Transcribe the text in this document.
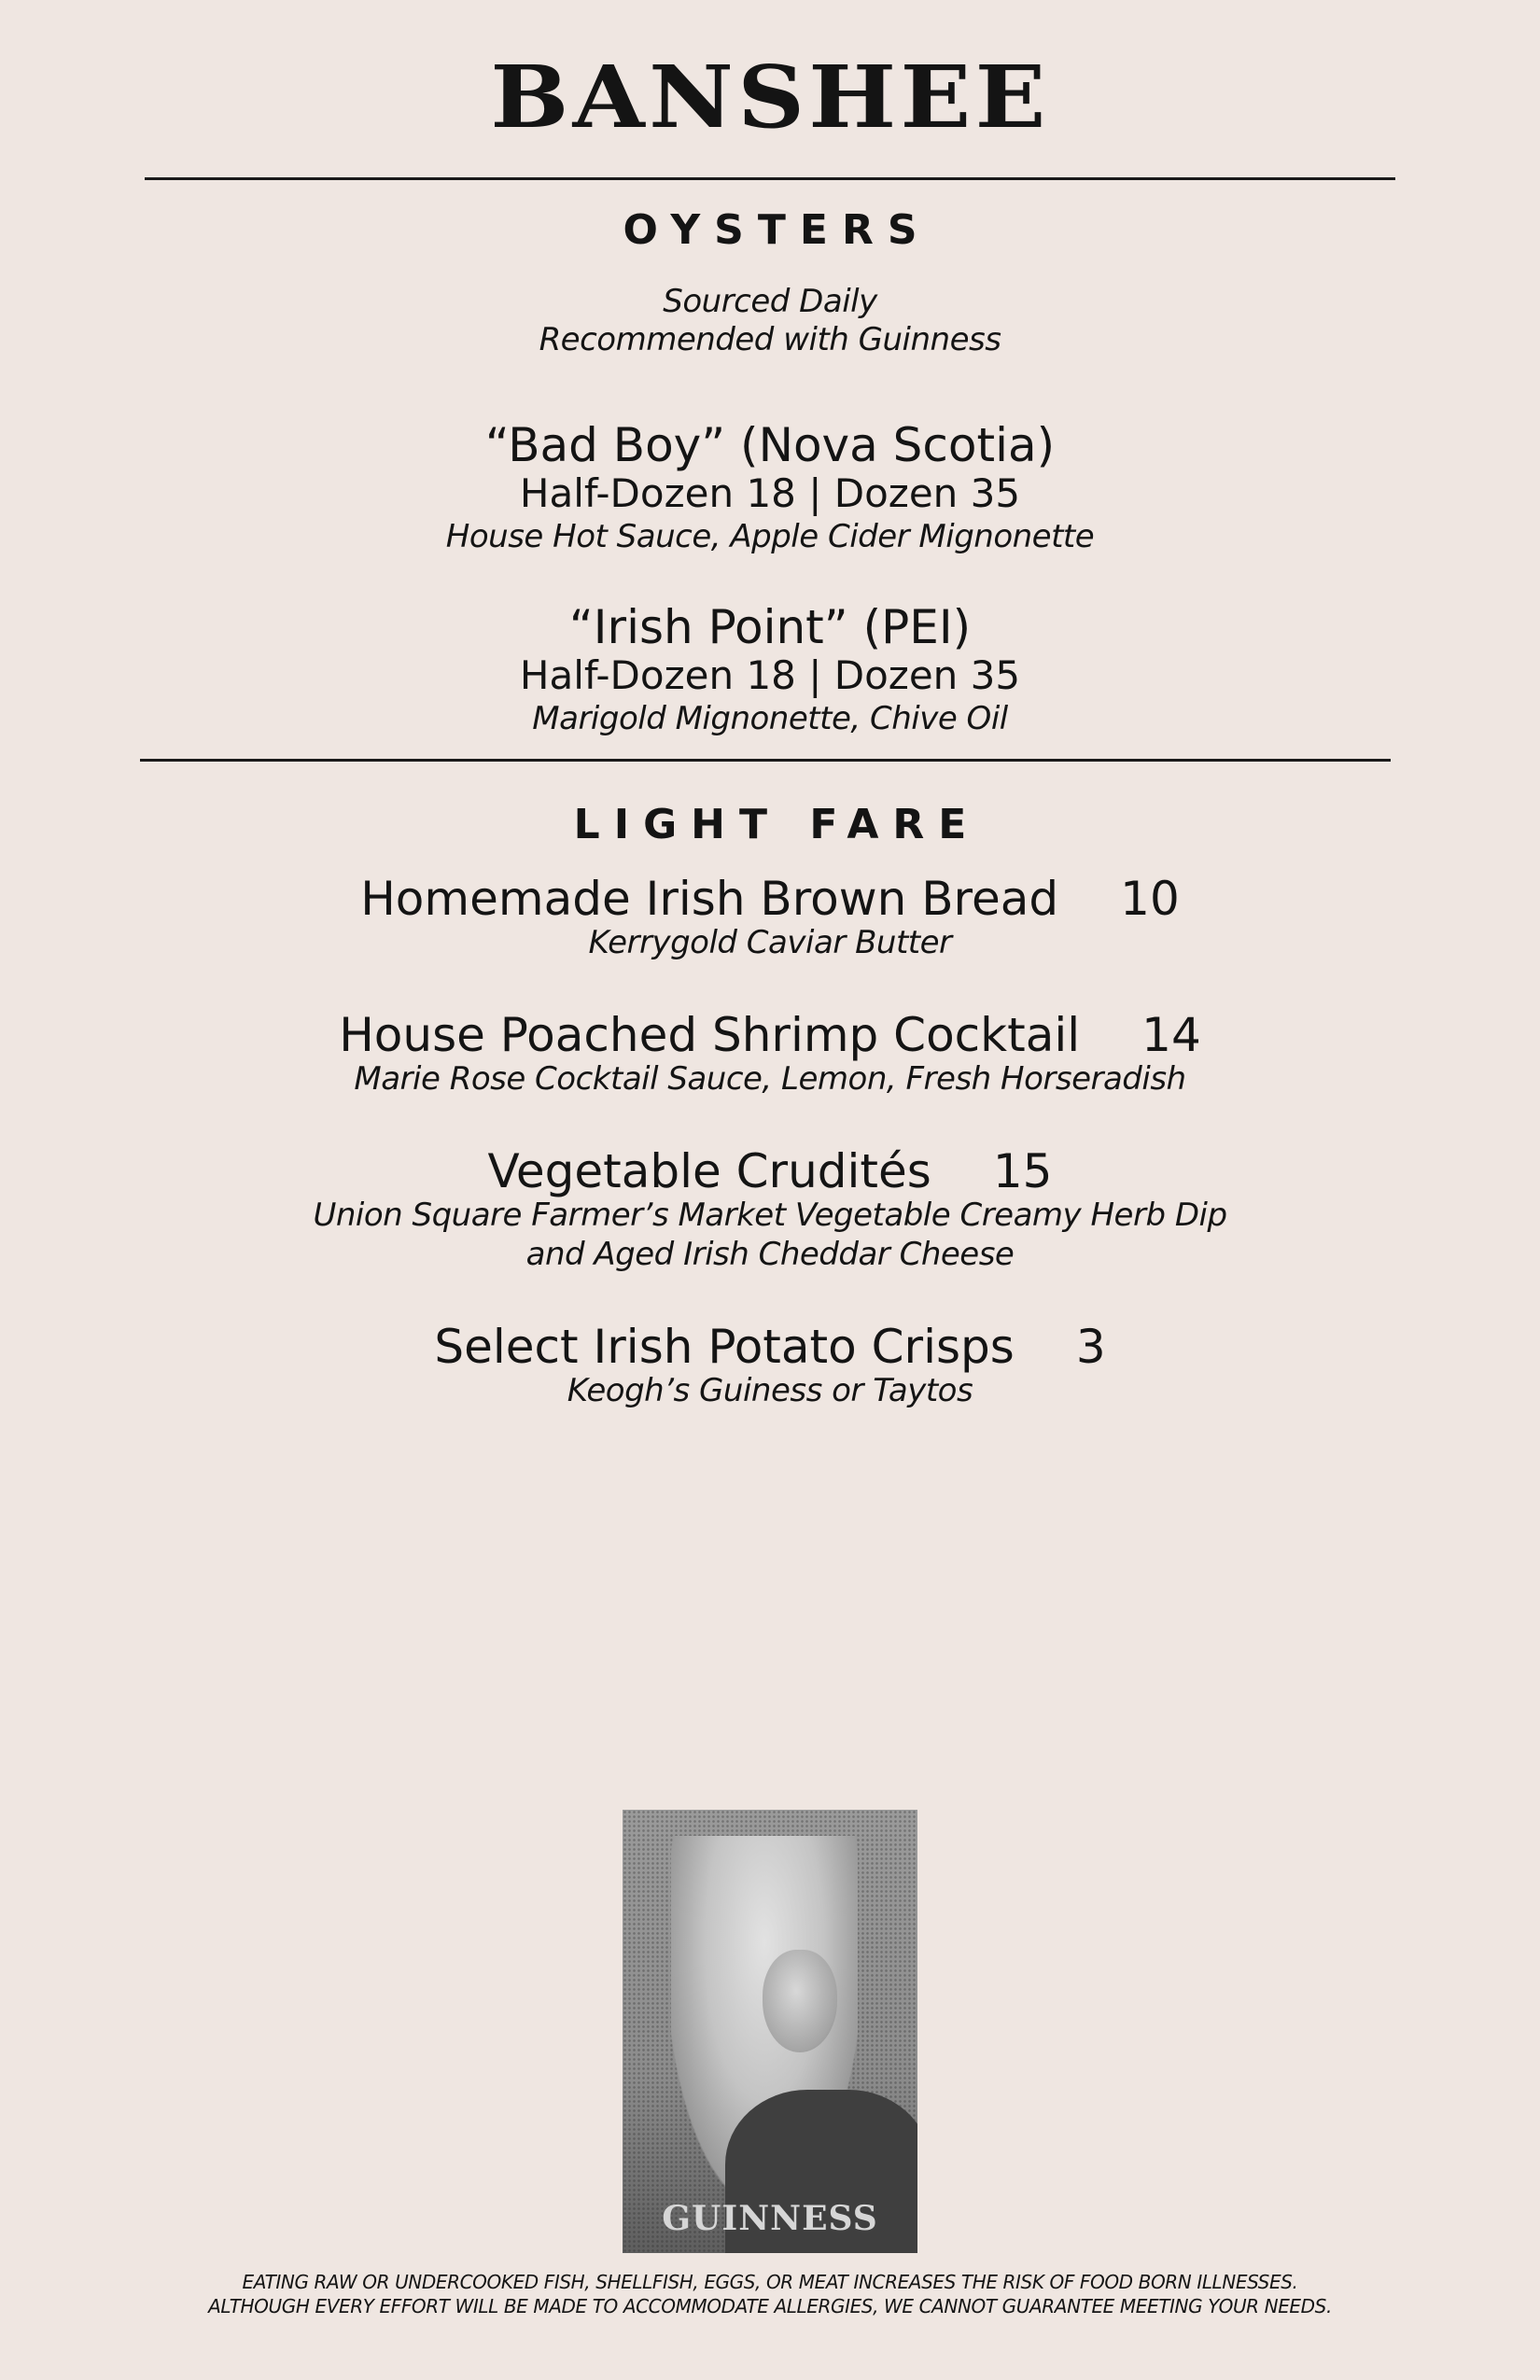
BANSHEE
OYSTERS
Sourced Daily
Recommended with Guinness
“Bad Boy” (Nova Scotia)
Half-Dozen 18 | Dozen 35
House Hot Sauce, Apple Cider Mignonette
“Irish Point” (PEI)
Half-Dozen 18 | Dozen 35
Marigold Mignonette, Chive Oil
LIGHT FARE
Homemade Irish Brown Bread 10
Kerrygold Caviar Butter
House Poached Shrimp Cocktail 14
Marie Rose Cocktail Sauce, Lemon, Fresh Horseradish
Vegetable Crudités 15
Union Square Farmer’s Market Vegetable Creamy Herb Dip
and Aged Irish Cheddar Cheese
Select Irish Potato Crisps 3
Keogh’s Guiness or Taytos
GUINNESS
EATING RAW OR UNDERCOOKED FISH, SHELLFISH, EGGS, OR MEAT INCREASES THE RISK OF FOOD BORN ILLNESSES.
ALTHOUGH EVERY EFFORT WILL BE MADE TO ACCOMMODATE ALLERGIES, WE CANNOT GUARANTEE MEETING YOUR NEEDS.
